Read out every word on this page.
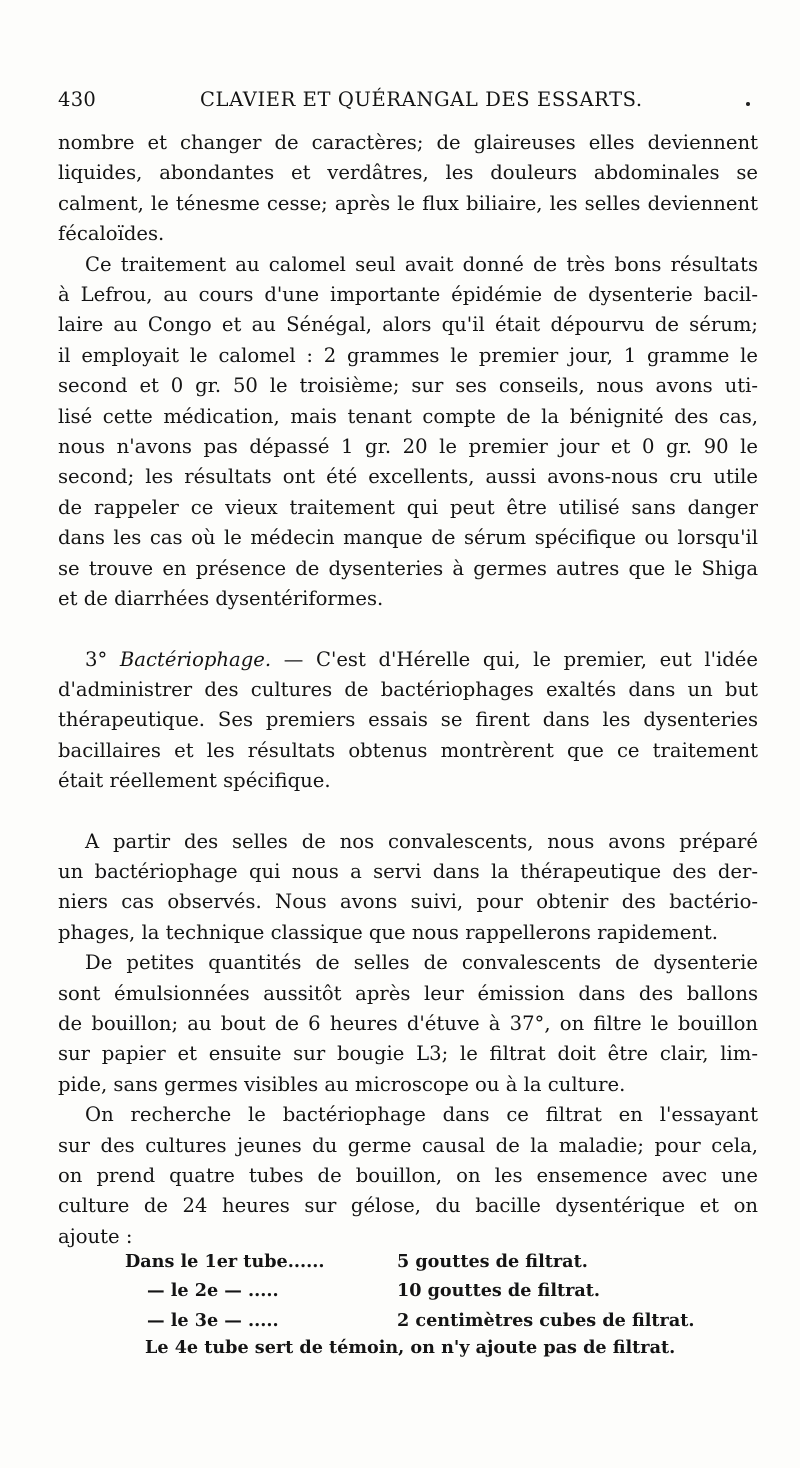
430	CLAVIER ET QUÉRANGAL DES ESSARTS.

nombre et changer de caractères; de glaireuses elles deviennent

liquides, abondantes et verdâtres, les douleurs abdominales se

calment, le ténesme cesse; après le flux biliaire, les selles deviennent

fécaloïdes.

Ce traitement au calomel seul avait donné de très bons résultats

à Lefrou, au cours d'une importante épidémie de dysenterie bacil-

laire au Congo et au Sénégal, alors qu'il était dépourvu de sérum;

il employait le calomel : 2 grammes le premier jour, 1 gramme le

second et 0 gr. 50 le troisième; sur ses conseils, nous avons uti-

lisé cette médication, mais tenant compte de la bénignité des cas,

nous n'avons pas dépassé 1 gr. 20 le premier jour et 0 gr. 90 le

second; les résultats ont été excellents, aussi avons-nous cru utile

de rappeler ce vieux traitement qui peut être utilisé sans danger

dans les cas où le médecin manque de sérum spécifique ou lorsqu'il

se trouve en présence de dysenteries à germes autres que le Shiga

et de diarrhées dysentériformes.

3° Bactériophage. — C'est d'Hérelle qui, le premier, eut l'idée

d'administrer des cultures de bactériophages exaltés dans un but

thérapeutique. Ses premiers essais se firent dans les dysenteries

bacillaires et les résultats obtenus montrèrent que ce traitement

était réellement spécifique.

A partir des selles de nos convalescents, nous avons préparé

un bactériophage qui nous a servi dans la thérapeutique des der-

niers cas observés. Nous avons suivi, pour obtenir des bactério-

phages, la technique classique que nous rappellerons rapidement.

De petites quantités de selles de convalescents de dysenterie

sont émulsionnées aussitôt après leur émission dans des ballons

de bouillon; au bout de 6 heures d'étuve à 37°, on filtre le bouillon

sur papier et ensuite sur bougie L3; le filtrat doit être clair, lim-

pide, sans germes visibles au microscope ou à la culture.

On recherche le bactériophage dans ce filtrat en l'essayant

sur des cultures jeunes du germe causal de la maladie; pour cela,

on prend quatre tubes de bouillon, on les ensemence avec une

culture de 24 heures sur gélose, du bacille dysentérique et on

ajoute :

Dans le 1er tube......	5 gouttes de filtrat.
— le 2e — .....	10 gouttes de filtrat.
— le 3e — .....	2 centimètres cubes de filtrat.
Le 4e tube sert de témoin, on n'y ajoute pas de filtrat.
